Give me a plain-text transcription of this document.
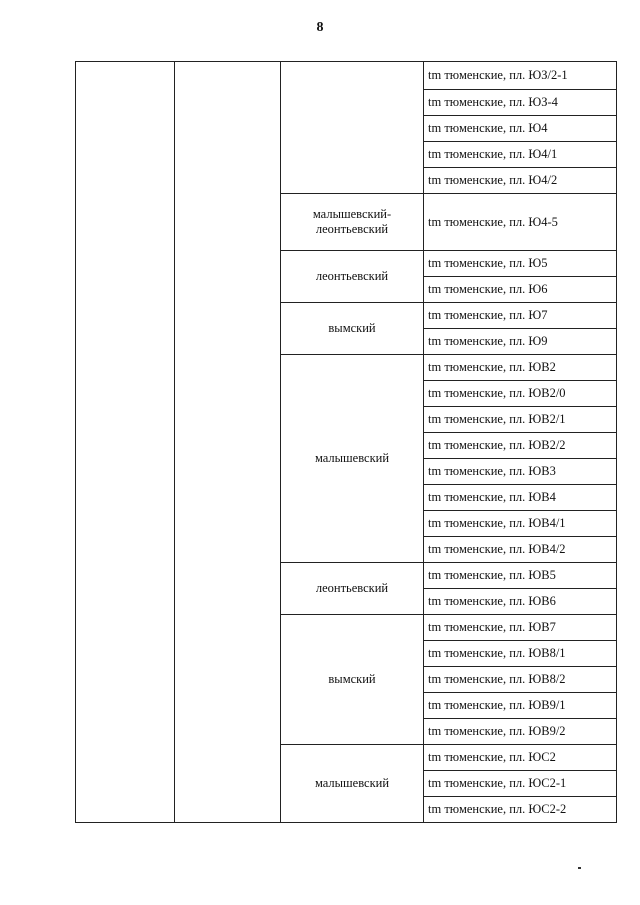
8
			tm тюменские, пл. ЮЗ/2-1
			tm тюменские, пл. ЮЗ-4
			tm тюменские, пл. Ю4
			tm тюменские, пл. Ю4/1
			tm тюменские, пл. Ю4/2
		малышевский-леонтьевский	tm тюменские, пл. Ю4-5
		леонтьевский	tm тюменские, пл. Ю5
			tm тюменские, пл. Ю6
		вымский	tm тюменские, пл. Ю7
			tm тюменские, пл. Ю9
		малышевский	tm тюменские, пл. ЮВ2
			tm тюменские, пл. ЮВ2/0
			tm тюменские, пл. ЮВ2/1
			tm тюменские, пл. ЮВ2/2
			tm тюменские, пл. ЮВ3
			tm тюменские, пл. ЮВ4
			tm тюменские, пл. ЮВ4/1
			tm тюменские, пл. ЮВ4/2
		леонтьевский	tm тюменские, пл. ЮВ5
			tm тюменские, пл. ЮВ6
		вымский	tm тюменские, пл. ЮВ7
			tm тюменские, пл. ЮВ8/1
			tm тюменские, пл. ЮВ8/2
			tm тюменские, пл. ЮВ9/1
			tm тюменские, пл. ЮВ9/2
		малышевский	tm тюменские, пл. ЮС2
			tm тюменские, пл. ЮС2-1
			tm тюменские, пл. ЮС2-2
